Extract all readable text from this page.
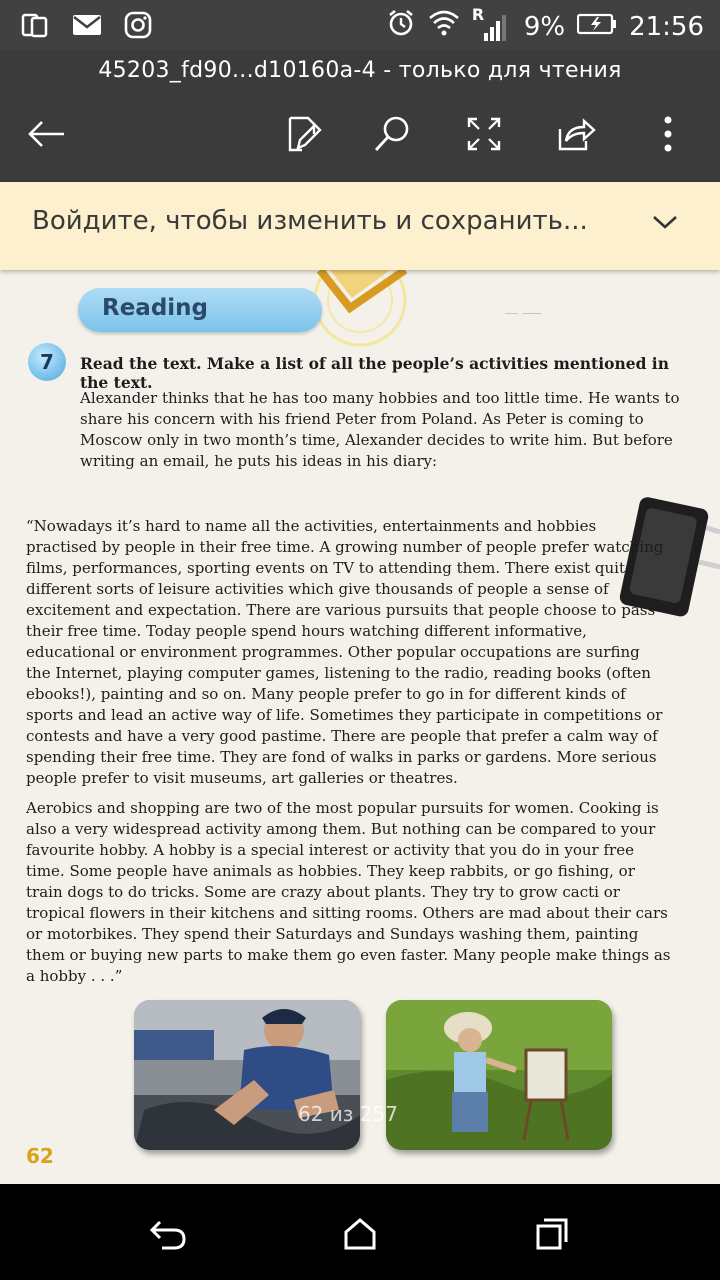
R 9% 21:56
45203_fd90...d10160a-4 - только для чтения
Войдите, чтобы изменить и сохранить...
⎯⎯ ⎯⎯⎯
Reading
7	Read the text. Make a list of all the people’s activities mentioned in the text.
Alexander thinks that he has too many hobbies and too little time. He wants to share his concern with his friend Peter from Poland. As Peter is coming to Moscow only in two month’s time, Alexander decides to write him. But before writing an email, he puts his ideas in his diary:
“Nowadays it’s hard to name all the activities, entertainments and hobbies practised by people in their free time. A growing number of people prefer watching films, performances, sporting events on TV to attending them. There exist quite different sorts of leisure activities which give thousands of people a sense of excitement and expectation. There are various pursuits that people choose to pass their free time. Today people spend hours watching different informative, educational or environment programmes. Other popular occupations are surfing the Internet, playing computer games, listening to the radio, reading books (often ebooks!), painting and so on. Many people prefer to go in for different kinds of sports and lead an active way of life. Sometimes they participate in competitions or contests and have a very good pastime. There are people that prefer a calm way of spending their free time. They are fond of walks in parks or gardens. More serious people prefer to visit museums, art galleries or theatres.
Aerobics and shopping are two of the most popular pursuits for women. Cooking is also a very widespread activity among them. But nothing can be compared to your favourite hobby. A hobby is a special interest or activity that you do in your free time. Some people have animals as hobbies. They keep rabbits, or go fishing, or train dogs to do tricks. Some are crazy about plants. They try to grow cacti or tropical flowers in their kitchens and sitting rooms. Others are mad about their cars or motorbikes. They spend their Saturdays and Sundays washing them, painting them or buying new parts to make them go even faster. Many people make things as a hobby . . .”
62 из 257
62
